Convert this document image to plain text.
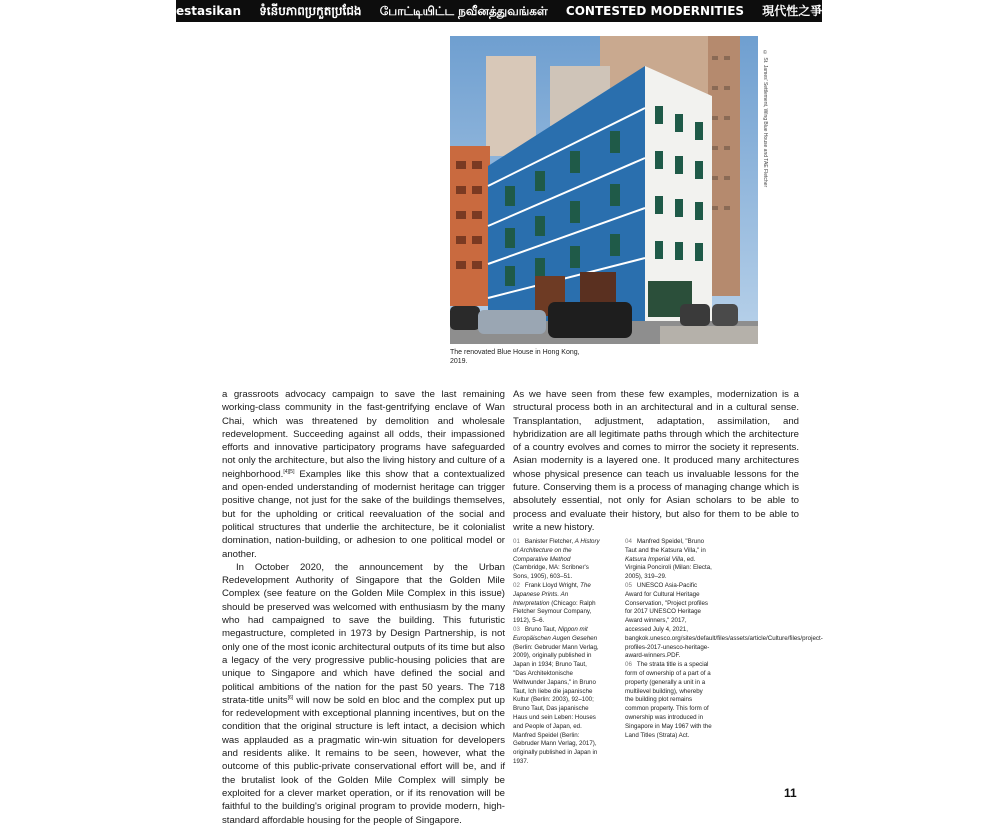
estasikan ទំនើបភាពប្រកួតប្រជែង போட்டியிட்ட நவீனத்துவங்கள் CONTESTED MODERNITIES 現代性之爭 ခေတ်ပြိုင် ကောတ်
© St. James' Settlement, Wing Blue House and TAE Fletcher
The renovated Blue House in Hong Kong, 2019.

a grassroots advocacy campaign to save the last remaining working-class community in the fast-gentrifying enclave of Wan Chai, which was threatened by demolition and wholesale redevelopment. Succeeding against all odds, their impassioned efforts and innovative participatory programs have safeguarded not only the architecture, but also the living history and culture of a neighborhood.[4][5] Examples like this show that a contextualized and open-ended understanding of modernist heritage can trigger positive change, not just for the sake of the buildings themselves, but for the upholding or critical reevaluation of the social and political structures that underlie the architecture, be it colonialist domination, nation-building, or adhesion to one political model or another.

In October 2020, the announcement by the Urban Redevelopment Authority of Singapore that the Golden Mile Complex (see feature on the Golden Mile Complex in this issue) should be preserved was welcomed with enthusiasm by the many who had campaigned to save the building. This futuristic megastructure, completed in 1973 by Design Partnership, is not only one of the most iconic architectural outputs of its time but also a legacy of the very progressive public-housing policies that are unique to Singapore and which have defined the social and political ambitions of the nation for the past 50 years. The 718 strata-title units[6] will now be sold en bloc and the complex put up for redevelopment with exceptional planning incentives, but on the condition that the original structure is left intact, a decision which was applauded as a pragmatic win-win situation for developers and residents alike. It remains to be seen, however, what the outcome of this public-private conservational effort will be, and if the brutalist look of the Golden Mile Complex will simply be exploited for a clever market operation, or if its renovation will be faithful to the building's original program to provide modern, high-standard affordable housing for the people of Singapore.

As we have seen from these few examples, modernization is a structural process both in an architectural and in a cultural sense. Transplantation, adjustment, adaptation, assimilation, and hybridization are all legitimate paths through which the architecture of a country evolves and comes to mirror the society it represents. Asian modernity is a layered one. It produced many architectures whose physical presence can teach us invaluable lessons for the future. Conserving them is a process of managing change which is absolutely essential, not only for Asian scholars to be able to process and evaluate their history, but also for them to be able to write a new history.

01 Banister Fletcher, A History of Architecture on the Comparative Method (Cambridge, MA: Scribner's Sons, 1905), 603–51.

02 Frank Lloyd Wright, The Japanese Prints. An Interpretation (Chicago: Ralph Fletcher Seymour Company, 1912), 5–6.

03 Bruno Taut, Nippon mit Europäischen Augen Gesehen (Berlin: Gebruder Mann Verlag, 2009), originally published in Japan in 1934; Bruno Taut, "Das Architektonische Weltwunder Japans," in Bruno Taut, Ich liebe die japanische Kultur (Berlin: 2003), 92–100; Bruno Taut, Das japanische Haus und sein Leben: Houses and People of Japan, ed. Manfred Speidel (Berlin: Gebruder Mann Verlag, 2017), originally published in Japan in 1937.

04 Manfred Speidel, "Bruno Taut and the Katsura Villa," in Katsura Imperial Villa, ed. Virginia Ponciroli (Milan: Electa, 2005), 319–29.

05 UNESCO Asia-Pacific Award for Cultural Heritage Conservation, "Project profiles for 2017 UNESCO Heritage Award winners," 2017, accessed July 4, 2021, bangkok.unesco.org/sites/default/files/assets/article/Culture/files/project-profiles-2017-unesco-heritage-award-winners.PDF.

06 The strata title is a special form of ownership of a part of a property (generally a unit in a multilevel building), whereby the building plot remains common property. This form of ownership was introduced in Singapore in May 1967 with the Land Titles (Strata) Act.

11
